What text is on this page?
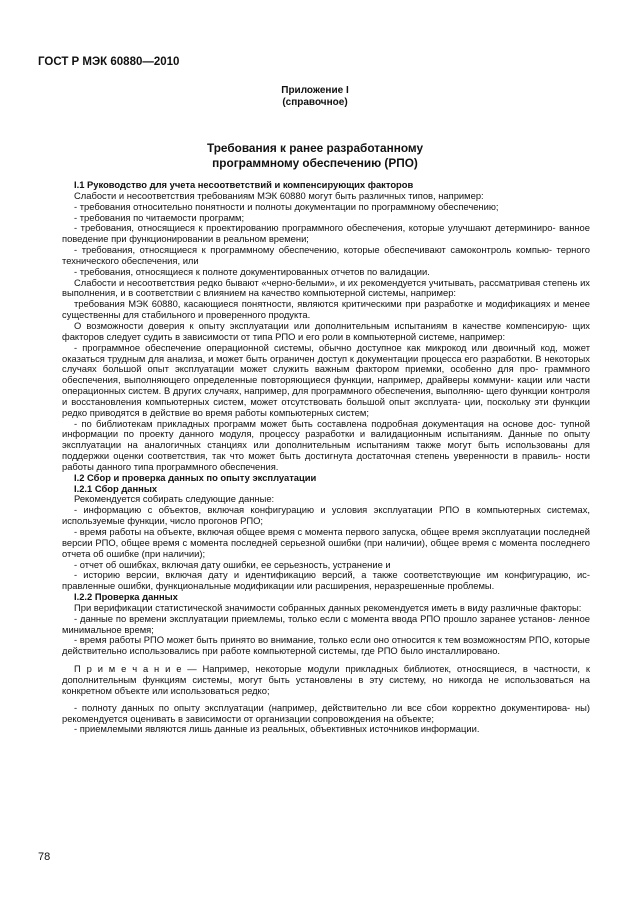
ГОСТ Р МЭК 60880—2010
Приложение I
(справочное)
Требования к ранее разработанному
программному обеспечению (РПО)

I.1 Руководство для учета несоответствий и компенсирующих факторов

Слабости и несоответствия требованиям МЭК 60880 могут быть различных типов, например:

- требования относительно понятности и полноты документации по программному обеспечению;

- требования по читаемости программ;

- требования, относящиеся к проектированию программного обеспечения, которые улучшают детерминиро- ванное поведение при функционировании в реальном времени;

- требования, относящиеся к программному обеспечению, которые обеспечивают самоконтроль компью- терного технического обеспечения, или

- требования, относящиеся к полноте документированных отчетов по валидации.

Слабости и несоответствия редко бывают «черно-белыми», и их рекомендуется учитывать, рассматривая степень их выполнения, и в соответствии с влиянием на качество компьютерной системы, например:

требования МЭК 60880, касающиеся понятности, являются критическими при разработке и модификациях и менее существенны для стабильного и проверенного продукта.

О возможности доверия к опыту эксплуатации или дополнительным испытаниям в качестве компенсирую- щих факторов следует судить в зависимости от типа РПО и его роли в компьютерной системе, например:

- программное обеспечение операционной системы, обычно доступное как микрокод или двоичный код, может оказаться трудным для анализа, и может быть ограничен доступ к документации процесса его разработки. В некоторых случаях большой опыт эксплуатации может служить важным фактором приемки, особенно для про- граммного обеспечения, выполняющего определенные повторяющиеся функции, например, драйверы коммуни- кации или части операционных систем. В других случаях, например, для программного обеспечения, выполняю- щего функции контроля и восстановления компьютерных систем, может отсутствовать большой опыт эксплуата- ции, поскольку эти функции редко приводятся в действие во время работы компьютерных систем;

- по библиотекам прикладных программ может быть составлена подробная документация на основе дос- тупной информации по проекту данного модуля, процессу разработки и валидационным испытаниям. Данные по опыту эксплуатации на аналогичных станциях или дополнительным испытаниям также могут быть использованы для поддержки оценки соответствия, так что может быть достигнута достаточная степень уверенности в правиль- ности работы данного типа программного обеспечения.

I.2 Сбор и проверка данных по опыту эксплуатации

I.2.1 Сбор данных

Рекомендуется собирать следующие данные:

- информацию с объектов, включая конфигурацию и условия эксплуатации РПО в компьютерных системах, используемые функции, число прогонов РПО;

- время работы на объекте, включая общее время с момента первого запуска, общее время эксплуатации последней версии РПО, общее время с момента последней серьезной ошибки (при наличии), общее время с момента последнего отчета об ошибке (при наличии);

- отчет об ошибках, включая дату ошибки, ее серьезность, устранение и

- историю версии, включая дату и идентификацию версий, а также соответствующие им конфигурацию, ис- правленные ошибки, функциональные модификации или расширения, неразрешенные проблемы.

I.2.2 Проверка данных

При верификации статистической значимости собранных данных рекомендуется иметь в виду различные факторы:

- данные по времени эксплуатации приемлемы, только если с момента ввода РПО прошло заранее установ- ленное минимальное время;

- время работы РПО может быть принято во внимание, только если оно относится к тем возможностям РПО, которые действительно использовались при работе компьютерной системы, где РПО было инсталлировано.

П р и м е ч а н и е — Например, некоторые модули прикладных библиотек, относящиеся, в частности, к дополнительным функциям системы, могут быть установлены в эту систему, но никогда не использоваться на конкретном объекте или использоваться редко;

- полноту данных по опыту эксплуатации (например, действительно ли все сбои корректно документирова- ны) рекомендуется оценивать в зависимости от организации сопровождения на объекте;

- приемлемыми являются лишь данные из реальных, объективных источников информации.

78
